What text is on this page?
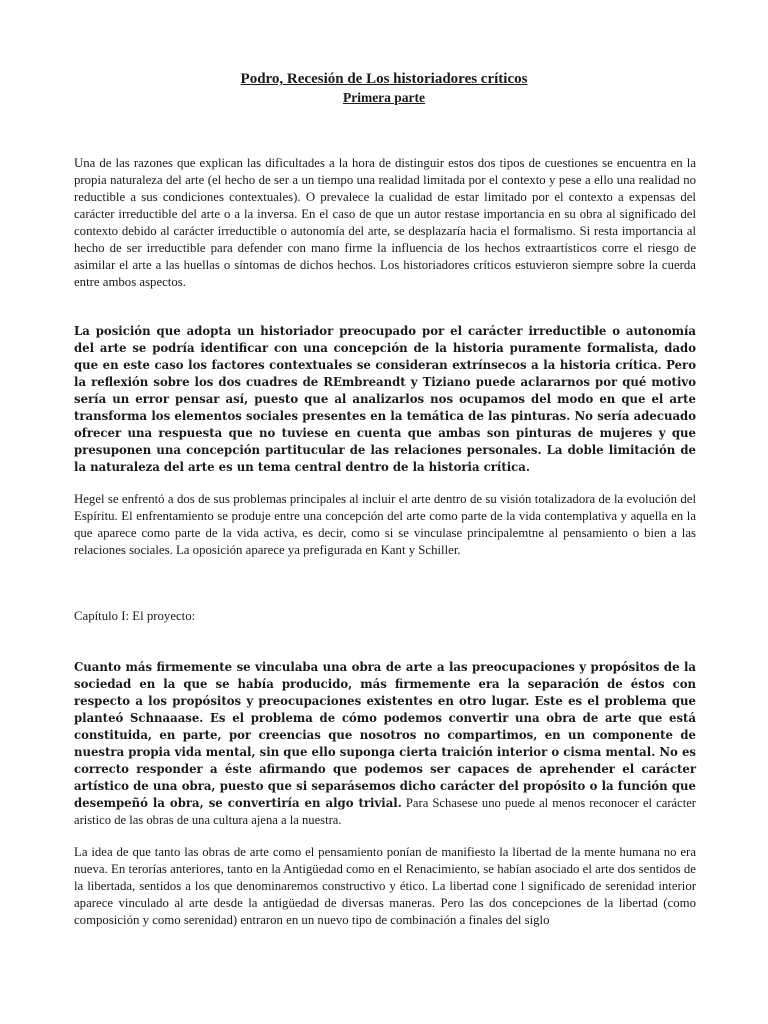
Podro, Recesión de Los historiadores críticos
Primera parte

Una de las razones que explican las dificultades a la hora de distinguir estos dos tipos de cuestiones se encuentra en la propia naturaleza del arte (el hecho de ser a un tiempo una realidad limitada por el contexto y pese a ello una realidad no reductible a sus condiciones contextuales). O prevalece la cualidad de estar limitado por el contexto a expensas del carácter irreductible del arte o a la inversa. En el caso de que un autor restase importancia en su obra al significado del contexto debido al carácter irreductible o autonomía del arte, se desplazaría hacia el formalismo. Si resta importancia al hecho de ser irreductible para defender con mano firme la influencia de los hechos extraartísticos corre el riesgo de asimilar el arte a las huellas o síntomas de dichos hechos. Los historiadores críticos estuvieron siempre sobre la cuerda entre ambos aspectos.

La posición que adopta un historiador preocupado por el carácter irreductible o autonomía del arte se podría identificar con una concepción de la historia puramente formalista, dado que en este caso los factores contextuales se consideran extrínsecos a la historia crítica. Pero la reflexión sobre los dos cuadres de REmbreandt y Tiziano puede aclararnos por qué motivo sería un error pensar así, puesto que al analizarlos nos ocupamos del modo en que el arte transforma los elementos sociales presentes en la temática de las pinturas. No sería adecuado ofrecer una respuesta que no tuviese en cuenta que ambas son pinturas de mujeres y que presuponen una concepción partitucular de las relaciones personales. La doble limitación de la naturaleza del arte es un tema central dentro de la historia crítica.

Hegel se enfrentó a dos de sus problemas principales al incluir el arte dentro de su visión totalizadora de la evolución del Espíritu. El enfrentamiento se produje entre una concepción del arte como parte de la vida contemplativa y aquella en la que aparece como parte de la vida activa, es decir, como si se vinculase principalemtne al pensamiento o bien a las relaciones sociales. La oposición aparece ya prefigurada en Kant y Schiller.

Capítulo I: El proyecto:

Cuanto más firmemente se vinculaba una obra de arte a las preocupaciones y propósitos de la sociedad en la que se había producido, más firmemente era la separación de éstos con respecto a los propósitos y preocupaciones existentes en otro lugar. Este es el problema que planteó Schnaaase. Es el problema de cómo podemos convertir una obra de arte que está constituida, en parte, por creencias que nosotros no compartimos, en un componente de nuestra propia vida mental, sin que ello suponga cierta traición interior o cisma mental. No es correcto responder a éste afirmando que podemos ser capaces de aprehender el carácter artístico de una obra, puesto que si separásemos dicho carácter del propósito o la función que desempeñó la obra, se convertiría en algo trivial. Para Schasese uno puede al menos reconocer el carácter aristico de las obras de una cultura ajena a la nuestra.

La idea de que tanto las obras de arte como el pensamiento ponían de manifiesto la libertad de la mente humana no era nueva. En terorías anteriores, tanto en la Antigüedad como en el Renacimiento, se habían asociado el arte dos sentidos de la libertada, sentidos a los que denominaremos constructivo y ético. La libertad cone l significado de serenidad interior aparece vinculado al arte desde la antigüedad de diversas maneras. Pero las dos concepciones de la libertad (como composición y como serenidad) entraron en un nuevo tipo de combinación a finales del siglo
